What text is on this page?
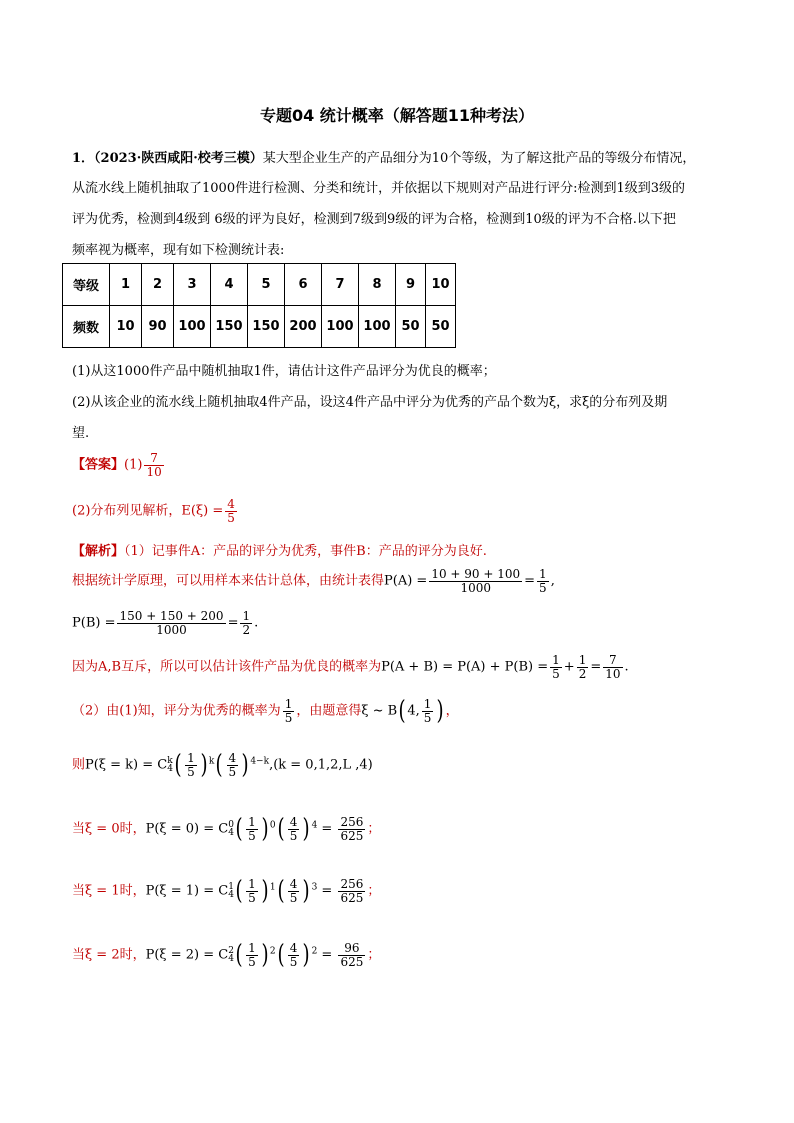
专题04 统计概率（解答题11种考法）
1．（2023·陕西咸阳·校考三模）某大型企业生产的产品细分为10个等级，为了解这批产品的等级分布情况，
从流水线上随机抽取了1000件进行检测、分类和统计，并依据以下规则对产品进行评分:检测到1级到3级的
评为优秀，检测到4级到 6级的评为良好，检测到7级到9级的评为合格，检测到10级的评为不合格.以下把
频率视为概率，现有如下检测统计表:
等级	1	2	3	4	5	6	7	8	9	10
频数	10	90	100	150	150	200	100	100	50	50
(1)从这1000件产品中随机抽取1件，请估计这件产品评分为优良的概率；
(2)从该企业的流水线上随机抽取4件产品，设这4件产品中评分为优秀的产品个数为ξ，求ξ的分布列及期
望.
【答案】$(1) \frac{7}{10}$
(2)分布列见解析，$E(\xi) = \frac{4}{5}$
【解析】（1）记事件A：产品的评分为优秀，事件B：产品的评分为良好.
根据统计学原理，可以用样本来估计总体，由统计表得$P(A) = \frac{10 + 90 + 100}{1000} = \frac{1}{5}$ ,
$P(B) = \frac{150 + 150 + 200}{1000} = \frac{1}{2}$ .
因为A,B互斥，所以可以估计该件产品为优良的概率为$P(A + B) = P(A) + P(B) = \frac{1}{5} + \frac{1}{2} = \frac{7}{10}$ .
（2）由(1)知，评分为优秀的概率为 $\frac{1}{5}$ ，由题意得ξ ~ B( 4, $\frac{1}{5}$ ) ，
则P(ξ = k) = C k
4 ( $\frac{1}{5}$ ) $^k( \frac{4}{5}$ ) $^{4-k}$,(k = 0,1,2,L ,4)
当ξ = 0时，P(ξ = 0) = C 0
4 ( $\frac{1}{5}$ ) $^0( \frac{4}{5}$ ) $^4 = \frac{256}{625}$ ；
当ξ = 1时，P(ξ = 1) = C 1
4 ( $\frac{1}{5}$ ) $^1( \frac{4}{5}$ ) $^3 = \frac{256}{625}$ ；
当ξ = 2时，P(ξ = 2) = C 2
4 ( $\frac{1}{5}$ ) $^2( \frac{4}{5}$ ) $^2 = \frac{96}{625}$ ；
